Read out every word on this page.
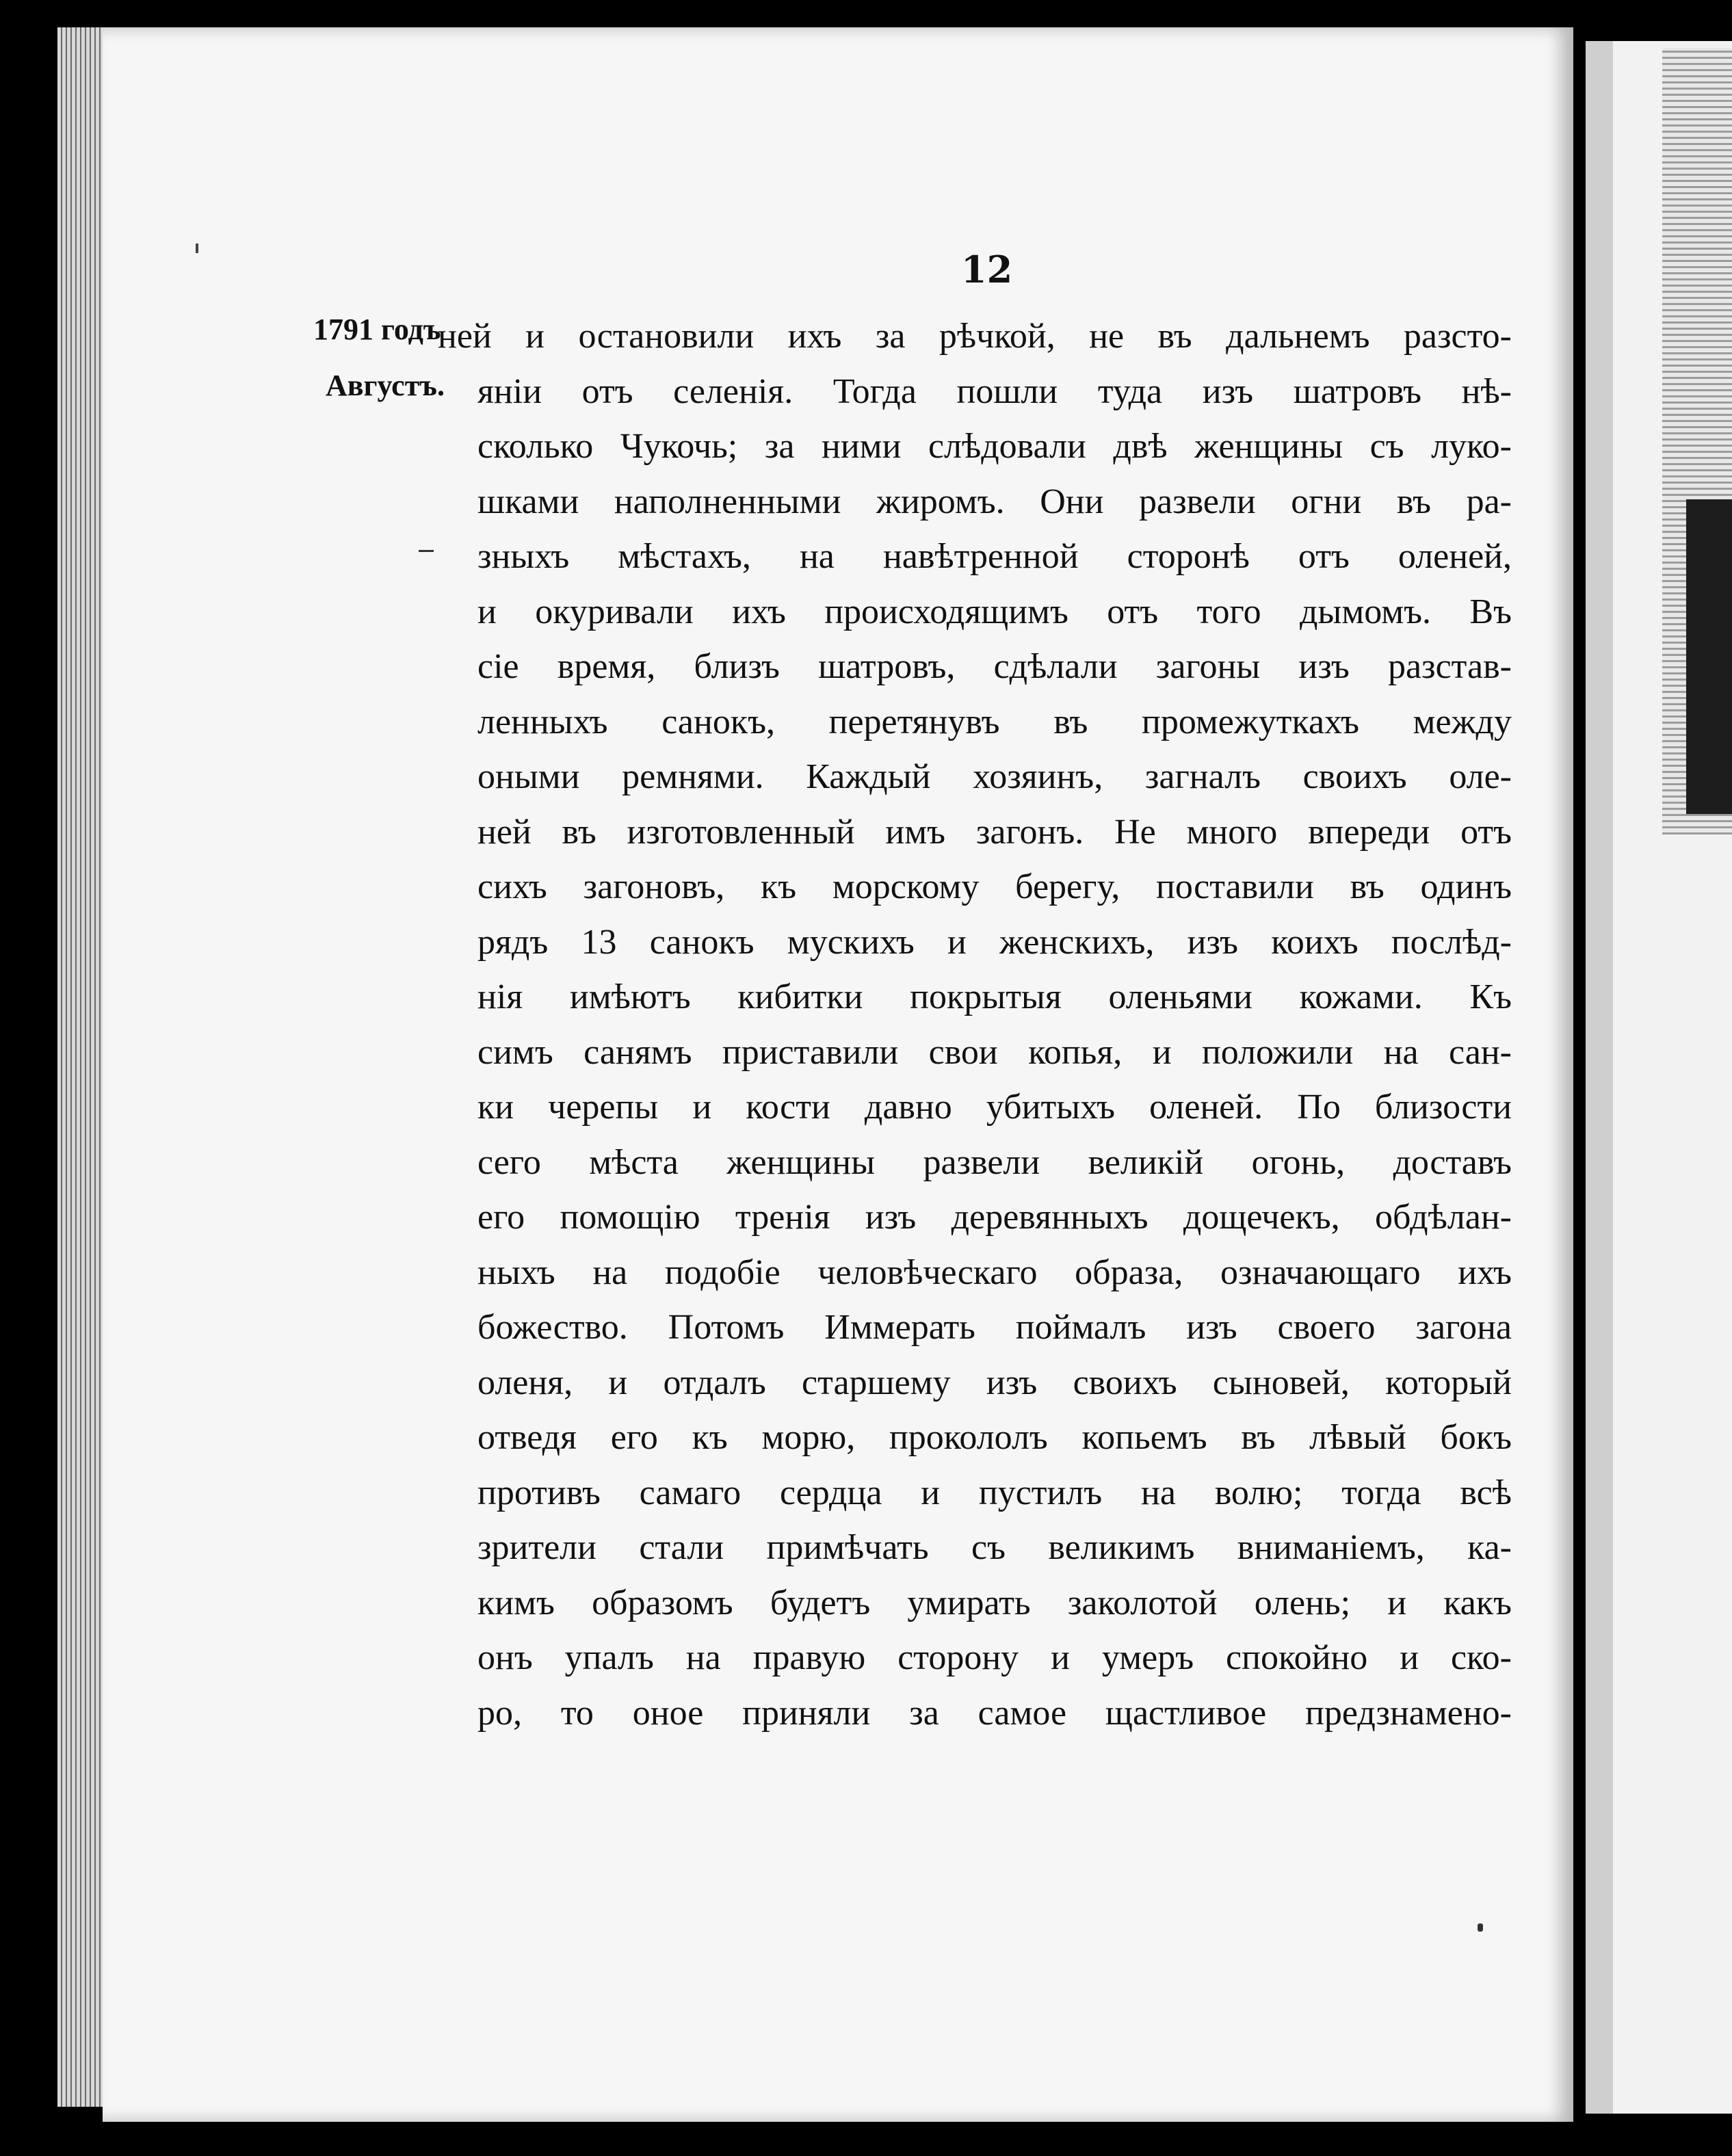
12
1791 годъ
Августъ.
ней и остановили ихъ за рѣчкой, не въ дальнемъ разсто-
яніи отъ селенія. Тогда пошли туда изъ шатровъ нѣ-
сколько Чукочь; за ними слѣдовали двѣ женщины съ луко-
шками наполненными жиромъ. Они развели огни въ ра-
зныхъ мѣстахъ, на навѣтренной сторонѣ отъ оленей,
и окуривали ихъ происходящимъ отъ того дымомъ. Въ
сіе время, близъ шатровъ, сдѣлали загоны изъ разстав-
ленныхъ санокъ, перетянувъ въ промежуткахъ между
оными ремнями. Каждый хозяинъ, загналъ своихъ оле-
ней въ изготовленный имъ загонъ. Не много впереди отъ
сихъ загоновъ, къ морскому берегу, поставили въ одинъ
рядъ 13 санокъ мускихъ и женскихъ, изъ коихъ послѣд-
нія имѣютъ кибитки покрытыя оленьями кожами. Къ
симъ санямъ приставили свои копья, и положили на сан-
ки черепы и кости давно убитыхъ оленей. По близости
сего мѣста женщины развели великій огонь, доставъ
его помощію тренія изъ деревянныхъ дощечекъ, обдѣлан-
ныхъ на подобіе человѣческаго образа, означающаго ихъ
божество. Потомъ Иммерать поймалъ изъ своего загона
оленя, и отдалъ старшему изъ своихъ сыновей, который
отведя его къ морю, прокололъ копьемъ въ лѣвый бокъ
противъ самаго сердца и пустилъ на волю; тогда всѣ
зрители стали примѣчать съ великимъ вниманіемъ, ка-
кимъ образомъ будетъ умирать заколотой олень; и какъ
онъ упалъ на правую сторону и умеръ спокойно и ско-
ро, то оное приняли за самое щастливое предзнамено-
